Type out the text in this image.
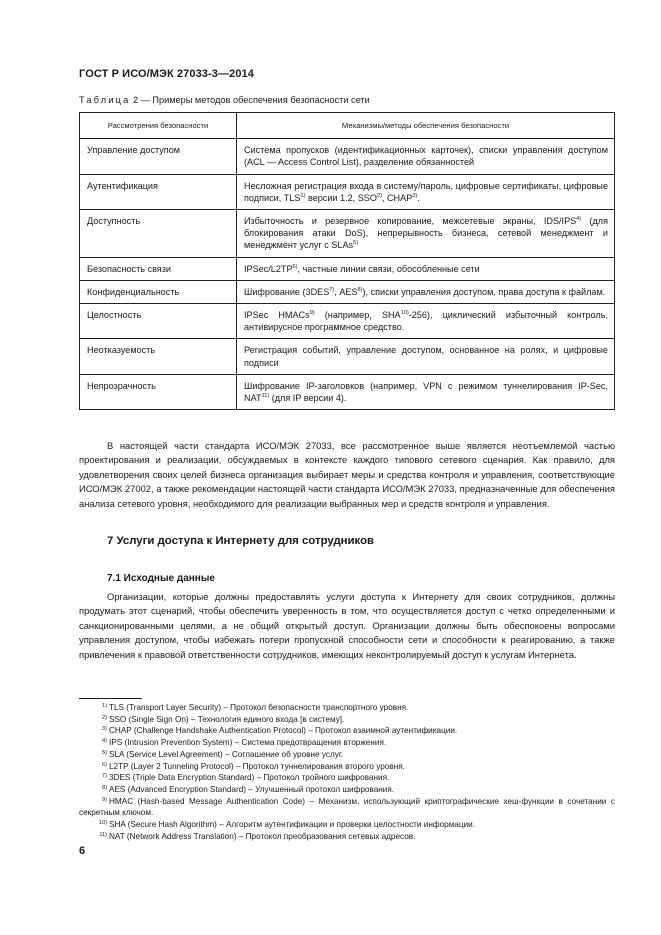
ГОСТ Р ИСО/МЭК 27033-3—2014
Таблица 2 — Примеры методов обеспечения безопасности сети
Рассмотрения безопасности	Механизмы/методы обеспечения безопасности
Управление доступом	Система пропусков (идентификационных карточек), списки управления доступом (ACL — Access Control List), разделение обязанностей
Аутентификация	Несложная регистрация входа в систему/пароль, цифровые сертификаты, цифровые подписи, TLS$^{1)}$ версии 1.2, SSO$^{2)}$, CHAP$^{3)}$.
Доступность	Избыточность и резервное копирование, межсетевые экраны, IDS/IPS$^{4)}$ (для блокирования атаки DoS), непрерывность бизнеса, сетевой менеджмент и менеджмент услуг с SLAs$^{5)}$
Безопасность связи	IPSec/L2TP$^{6)}$, частные линии связи, обособленные сети
Конфиденциальность	Шифрование (3DES$^{7)}$, AES$^{8)}$), списки управления доступом, права доступа к файлам.
Целостность	IPSec HMACs$^{9)}$ (например, SHA$^{10)}$-256), циклический избыточный контроль, антивирусное программное средство.
Неотказуемость	Регистрация событий, управление доступом, основанное на ролях, и цифровые подписи
Непрозрачность	Шифрование IP-заголовков (например, VPN с режимом туннелирования IP-Sec, NAT$^{11)}$ (для IP версии 4).

В настоящей части стандарта ИСО/МЭК 27033, все рассмотренное выше является неотъемлемой частью проектирования и реализации, обсуждаемых в контексте каждого типового сетевого сценария. Как правило, для удовлетворения своих целей бизнеса организация выбирает меры и средства контроля и управления, соответствующие ИСО/МЭК 27002, а также рекомендации настоящей части стандарта ИСО/МЭК 27033, предназначенные для обеспечения анализа сетевого уровня, необходимого для реализации выбранных мер и средств контроля и управления.

7 Услуги доступа к Интернету для сотрудников
7.1 Исходные данные

Организации, которые должны предоставлять услуги доступа к Интернету для своих сотрудников, должны продумать этот сценарий, чтобы обеспечить уверенность в том, что осуществляется доступ с четко определенными и санкционированными целями, а не общий открытый доступ. Организации должны быть обеспокоены вопросами управления доступом, чтобы избежать потери пропускной способности сети и способности к реагированию, а также привлечения к правовой ответственности сотрудников, имеющих неконтролируемый доступ к услугам Интернета.

1) TLS (Transport Layer Security) – Протокол безопасности транспортного уровня.
2) SSO (Single Sign On) – Технология единого входа [в систему].
3) CHAP (Challenge Handshake Authentication Protocol) – Протокол взаимной аутентификации.
4) IPS (Intrusion Prevention System) – Система предотвращения вторжения.
5) SLA (Service Level Agreement) – Соглашение об уровне услуг.
6) L2TP (Layer 2 Tunneling Protocol) – Протокол туннелирования второго уровня.
7) 3DES (Triple Data Encryption Standard) – Протокол тройного шифрования.
8) AES (Advanced Encryption Standard) – Улучшенный протокол шифрования.
9) HMAC (Hash-based Message Authentication Code) – Механизм, использующий криптографические хеш-функции в сочетании с секретным ключом.
10) SHA (Secure Hash Algorithm) – Алгоритм аутентификации и проверки целостности информации.
11) NAT (Network Address Translation) – Протокол преобразования сетевых адресов.
6
